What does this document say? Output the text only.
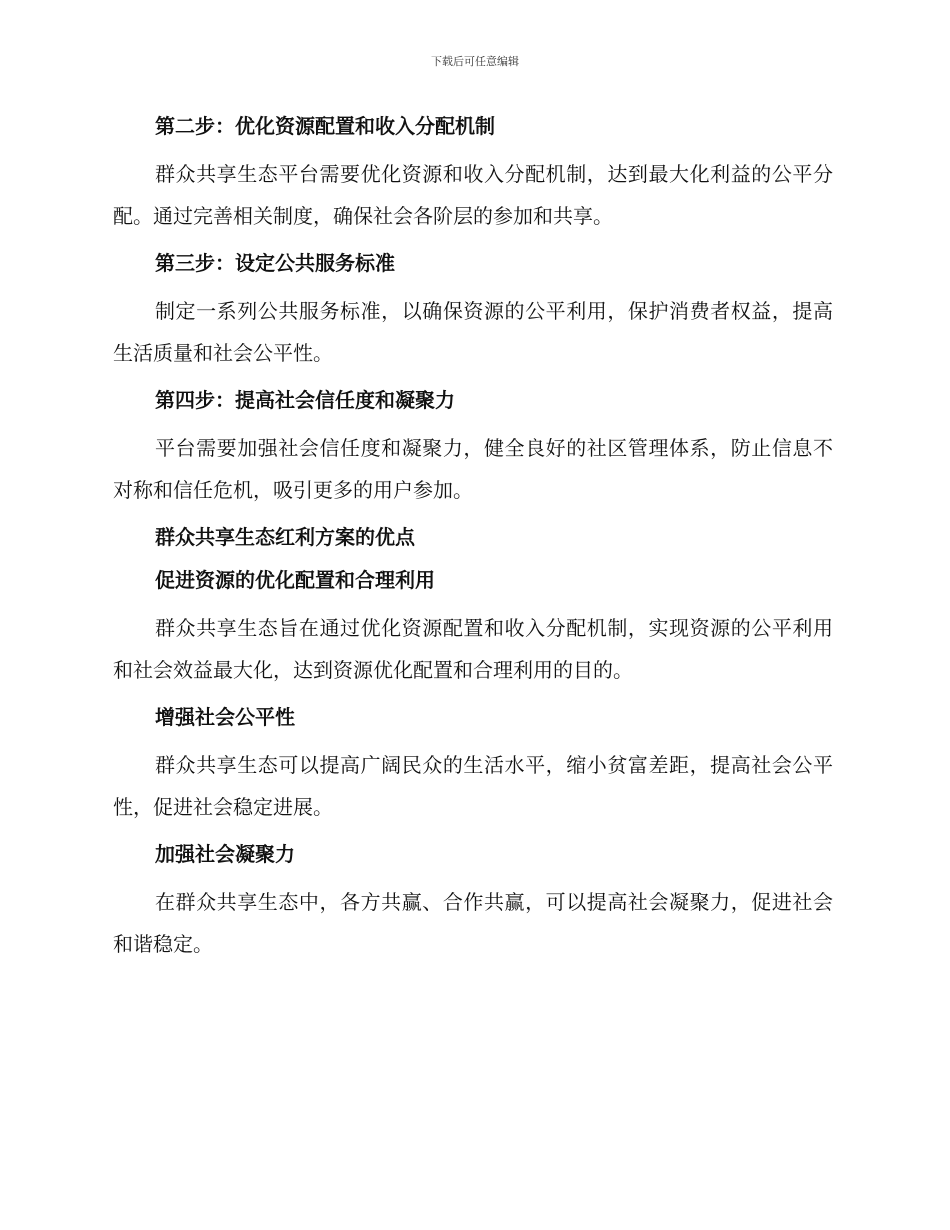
下载后可任意编辑
第二步：优化资源配置和收入分配机制

群众共享生态平台需要优化资源和收入分配机制，达到最大化利益的公平分配。通过完善相关制度，确保社会各阶层的参加和共享。

第三步：设定公共服务标准

制定一系列公共服务标准，以确保资源的公平利用，保护消费者权益，提高生活质量和社会公平性。

第四步：提高社会信任度和凝聚力

平台需要加强社会信任度和凝聚力，健全良好的社区管理体系，防止信息不对称和信任危机，吸引更多的用户参加。

群众共享生态红利方案的优点
促进资源的优化配置和合理利用

群众共享生态旨在通过优化资源配置和收入分配机制，实现资源的公平利用和社会效益最大化，达到资源优化配置和合理利用的目的。

增强社会公平性

群众共享生态可以提高广阔民众的生活水平，缩小贫富差距，提高社会公平性，促进社会稳定进展。

加强社会凝聚力

在群众共享生态中，各方共赢、合作共赢，可以提高社会凝聚力，促进社会和谐稳定。
